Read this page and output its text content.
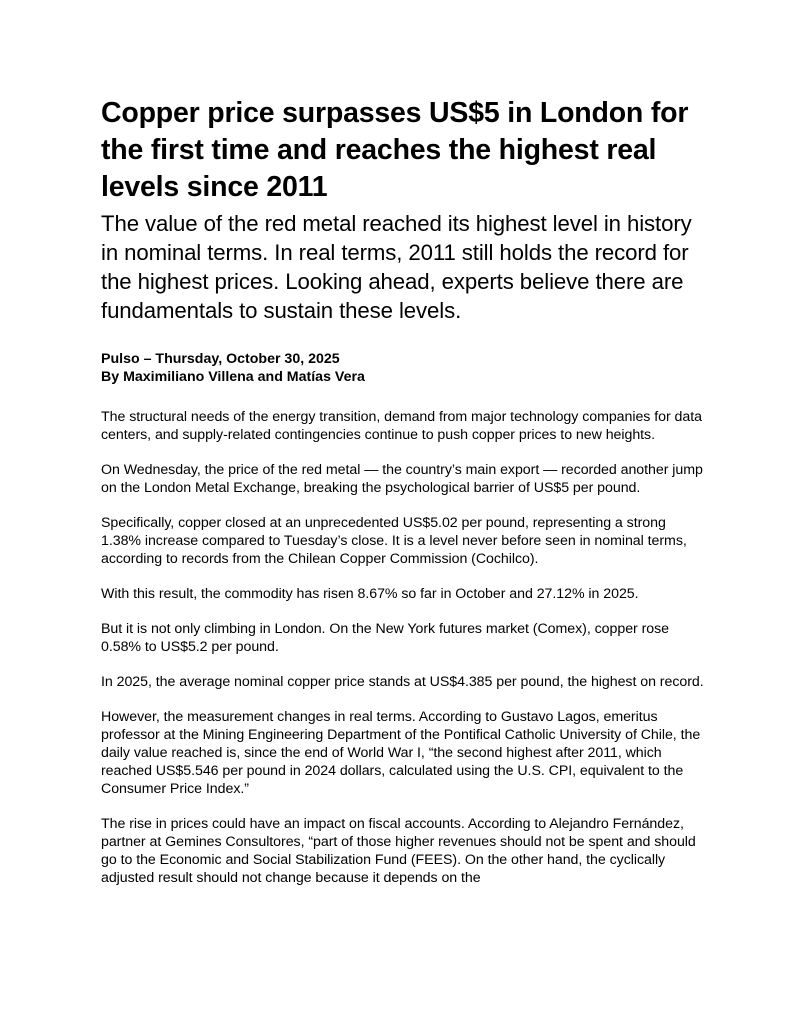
Copper price surpasses US$5 in London for the first time and reaches the highest real levels since 2011
The value of the red metal reached its highest level in history in nominal terms. In real terms, 2011 still holds the record for the highest prices. Looking ahead, experts believe there are fundamentals to sustain these levels.
Pulso – Thursday, October 30, 2025
By Maximiliano Villena and Matías Vera

The structural needs of the energy transition, demand from major technology companies for data centers, and supply-related contingencies continue to push copper prices to new heights.

On Wednesday, the price of the red metal — the country’s main export — recorded another jump on the London Metal Exchange, breaking the psychological barrier of US$5 per pound.

Specifically, copper closed at an unprecedented US$5.02 per pound, representing a strong 1.38% increase compared to Tuesday’s close. It is a level never before seen in nominal terms, according to records from the Chilean Copper Commission (Cochilco).

With this result, the commodity has risen 8.67% so far in October and 27.12% in 2025.

But it is not only climbing in London. On the New York futures market (Comex), copper rose 0.58% to US$5.2 per pound.

In 2025, the average nominal copper price stands at US$4.385 per pound, the highest on record.

However, the measurement changes in real terms. According to Gustavo Lagos, emeritus professor at the Mining Engineering Department of the Pontifical Catholic University of Chile, the daily value reached is, since the end of World War I, “the second highest after 2011, which reached US$5.546 per pound in 2024 dollars, calculated using the U.S. CPI, equivalent to the Consumer Price Index.”

The rise in prices could have an impact on fiscal accounts. According to Alejandro Fernández, partner at Gemines Consultores, “part of those higher revenues should not be spent and should go to the Economic and Social Stabilization Fund (FEES). On the other hand, the cyclically adjusted result should not change because it depends on the
